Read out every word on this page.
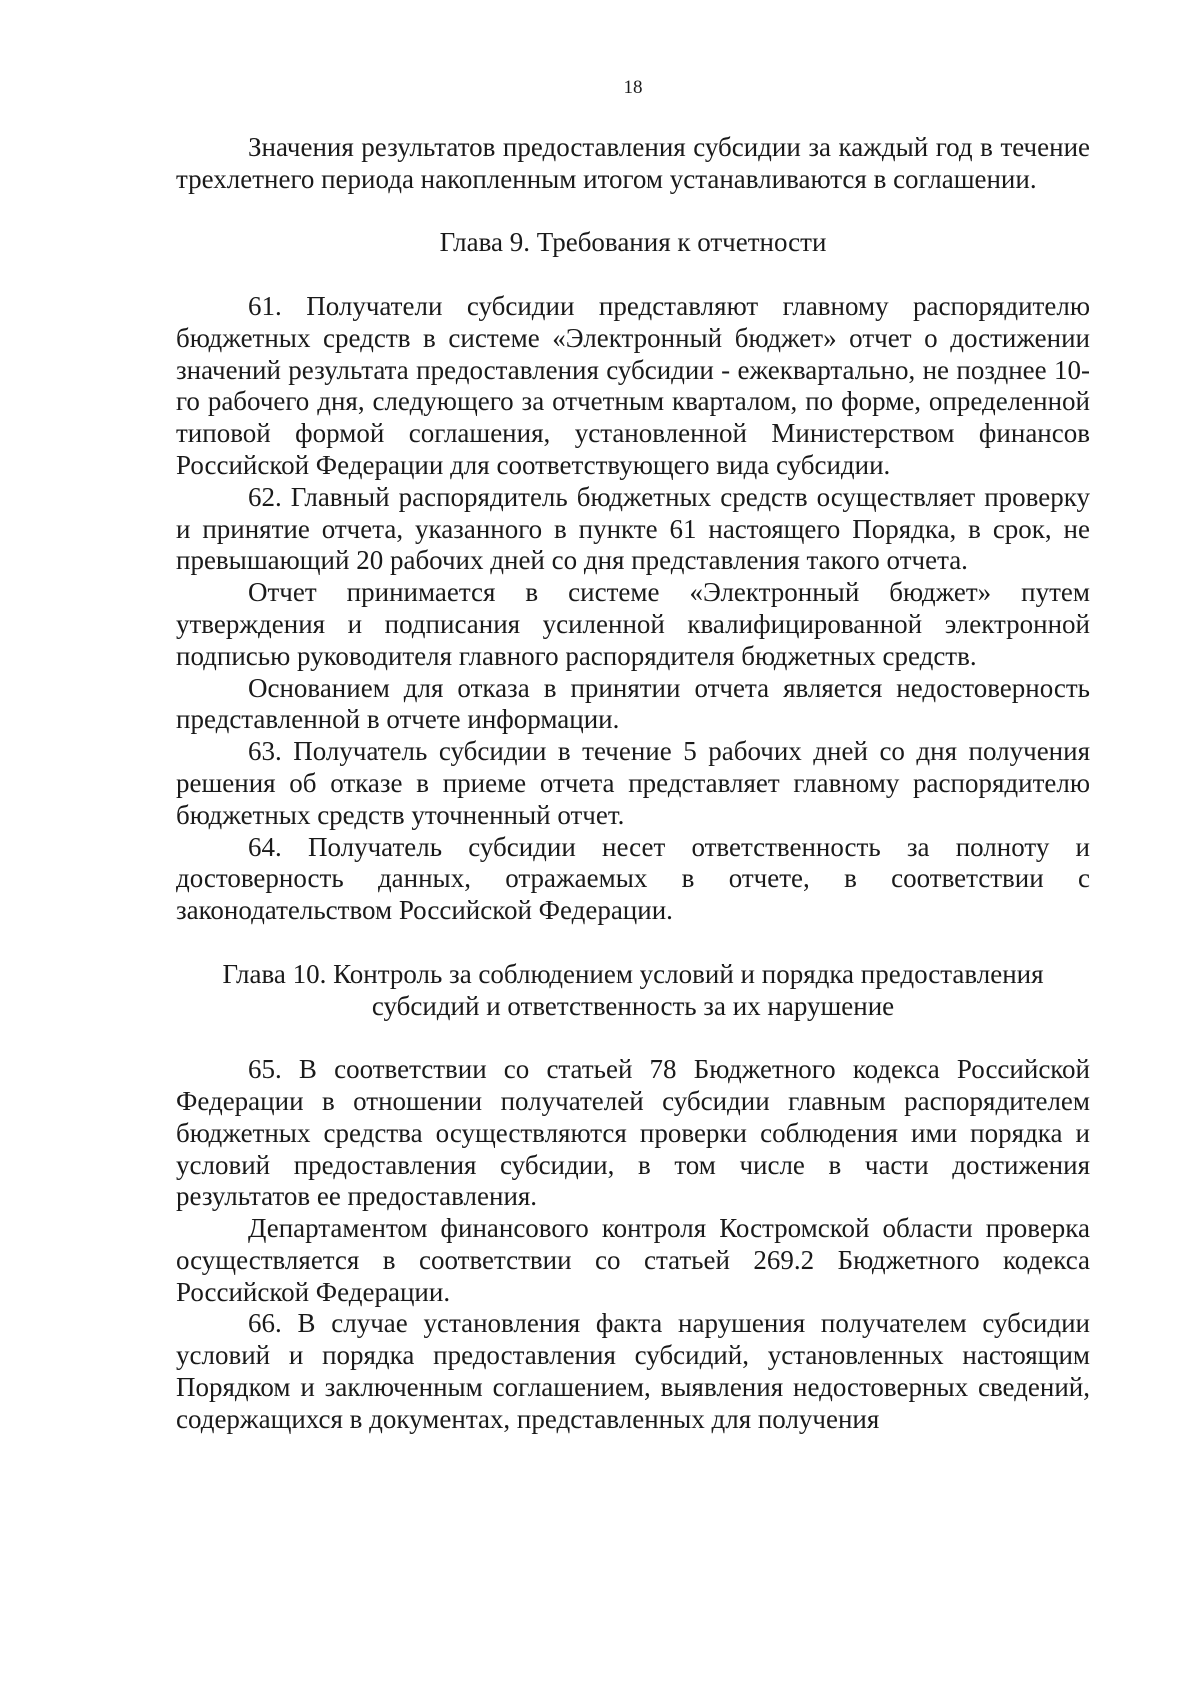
18

Значения результатов предоставления субсидии за каждый год в течение трехлетнего периода накопленным итогом устанавливаются в соглашении.

Глава 9. Требования к отчетности

61. Получатели субсидии представляют главному распорядителю бюджетных средств в системе «Электронный бюджет» отчет о достижении значений результата предоставления субсидии - ежеквартально, не позднее 10-го рабочего дня, следующего за отчетным кварталом, по форме, определенной типовой формой соглашения, установленной Министерством финансов Российской Федерации для соответствующего вида субсидии.

62. Главный распорядитель бюджетных средств осуществляет проверку и принятие отчета, указанного в пункте 61 настоящего Порядка, в срок, не превышающий 20 рабочих дней со дня представления такого отчета.

Отчет принимается в системе «Электронный бюджет» путем утверждения и подписания усиленной квалифицированной электронной подписью руководителя главного распорядителя бюджетных средств.

Основанием для отказа в принятии отчета является недостоверность представленной в отчете информации.

63. Получатель субсидии в течение 5 рабочих дней со дня получения решения об отказе в приеме отчета представляет главному распорядителю бюджетных средств уточненный отчет.

64. Получатель субсидии несет ответственность за полноту и достоверность данных, отражаемых в отчете, в соответствии с законодательством Российской Федерации.

Глава 10. Контроль за соблюдением условий и порядка предоставления

субсидий и ответственность за их нарушение

65. В соответствии со статьей 78 Бюджетного кодекса Российской Федерации в отношении получателей субсидии главным распорядителем бюджетных средства осуществляются проверки соблюдения ими порядка и условий предоставления субсидии, в том числе в части достижения результатов ее предоставления.

Департаментом финансового контроля Костромской области проверка осуществляется в соответствии со статьей 269.2 Бюджетного кодекса Российской Федерации.

66. В случае установления факта нарушения получателем субсидии условий и порядка предоставления субсидий, установленных настоящим Порядком и заключенным соглашением, выявления недостоверных сведений, содержащихся в документах, представленных для получения
